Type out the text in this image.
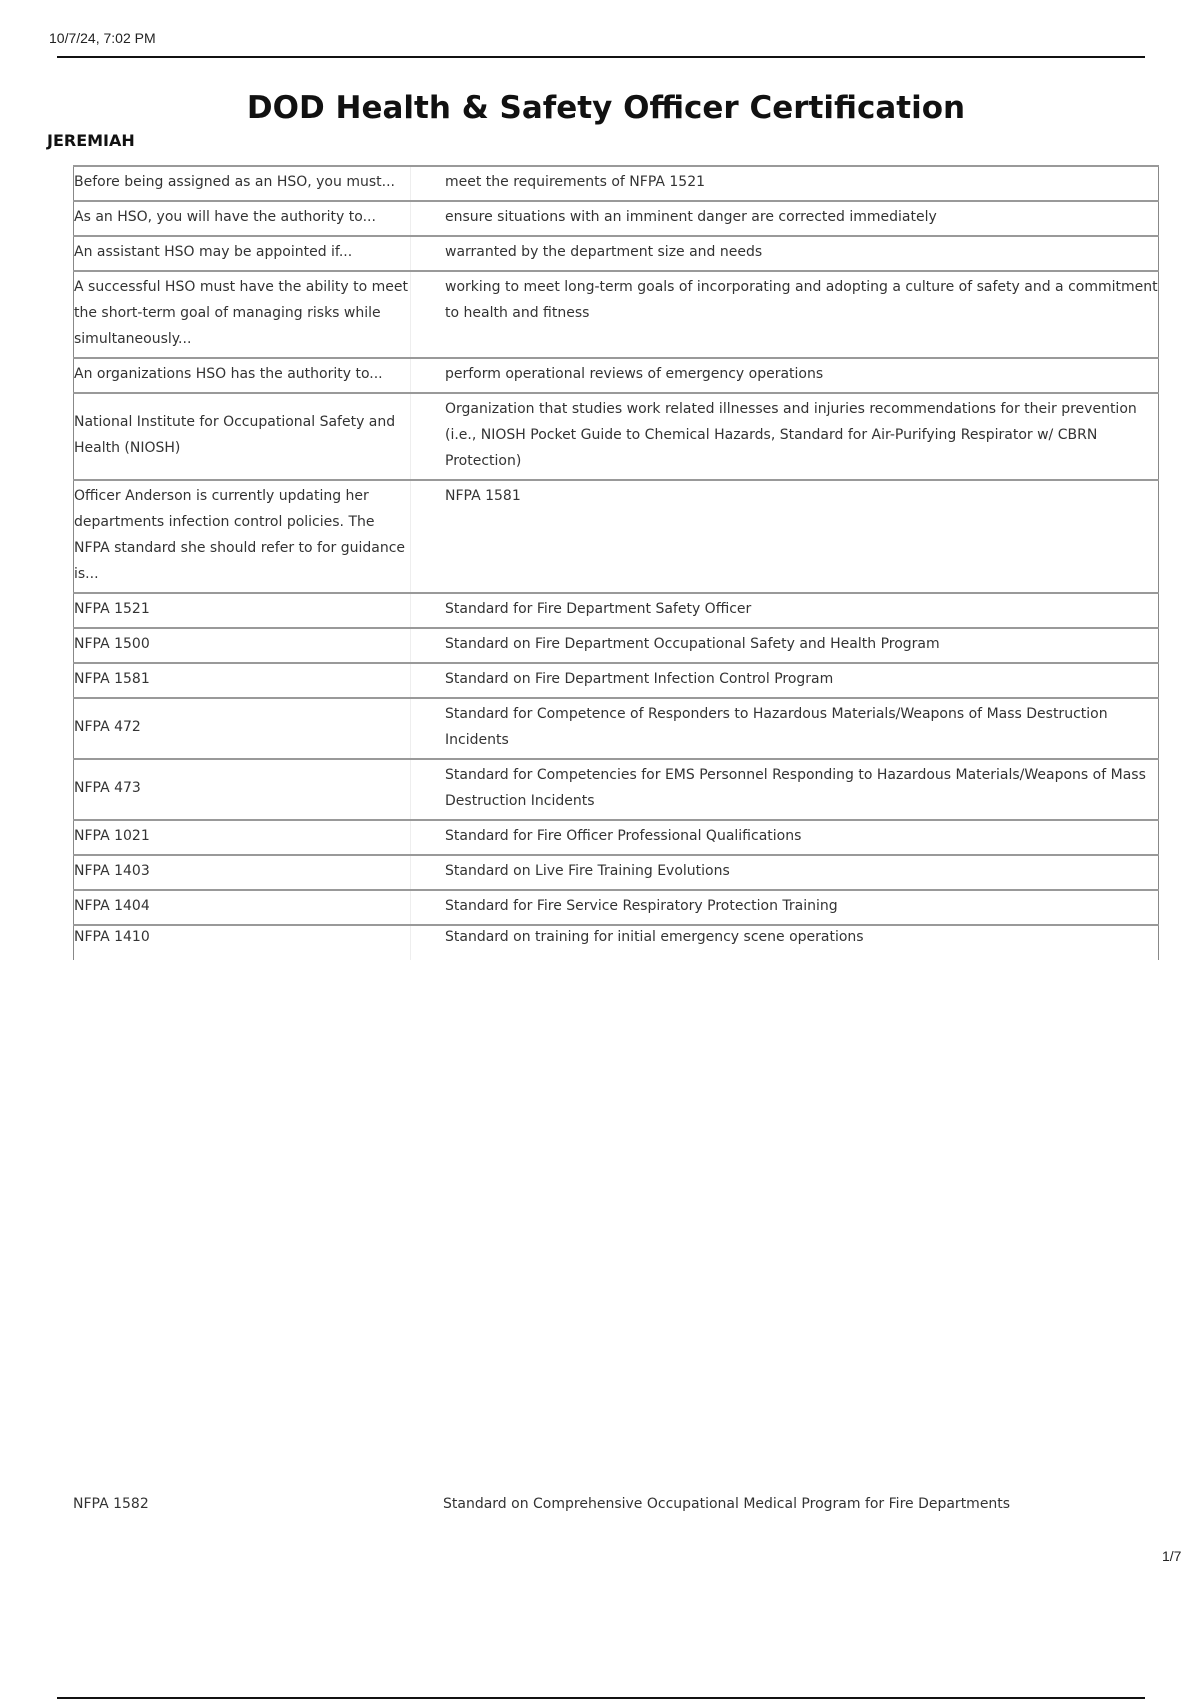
10/7/24, 7:02 PM
DOD Health & Safety Officer Certification
JEREMIAH
Before being assigned as an HSO, you must...	meet the requirements of NFPA 1521
As an HSO, you will have the authority to...	ensure situations with an imminent danger are corrected immediately
An assistant HSO may be appointed if...	warranted by the department size and needs
A successful HSO must have the ability to meet the short-term goal of managing risks while simultaneously...	working to meet long-term goals of incorporating and adopting a culture of safety and a commitment to health and fitness
An organizations HSO has the authority to...	perform operational reviews of emergency operations
National Institute for Occupational Safety and Health (NIOSH)	Organization that studies work related illnesses and injuries recommendations for their prevention (i.e., NIOSH Pocket Guide to Chemical Hazards, Standard for Air-Purifying Respirator w/ CBRN Protection)
Officer Anderson is currently updating her departments infection control policies. The NFPA standard she should refer to for guidance is...	NFPA 1581
NFPA 1521	Standard for Fire Department Safety Officer
NFPA 1500	Standard on Fire Department Occupational Safety and Health Program
NFPA 1581	Standard on Fire Department Infection Control Program
NFPA 472	Standard for Competence of Responders to Hazardous Materials/Weapons of Mass Destruction Incidents
NFPA 473	Standard for Competencies for EMS Personnel Responding to Hazardous Materials/Weapons of Mass Destruction Incidents
NFPA 1021	Standard for Fire Officer Professional Qualifications
NFPA 1403	Standard on Live Fire Training Evolutions
NFPA 1404	Standard for Fire Service Respiratory Protection Training
NFPA 1410	Standard on training for initial emergency scene operations
NFPA 1582	Standard on Comprehensive Occupational Medical Program for Fire Departments
1/7
